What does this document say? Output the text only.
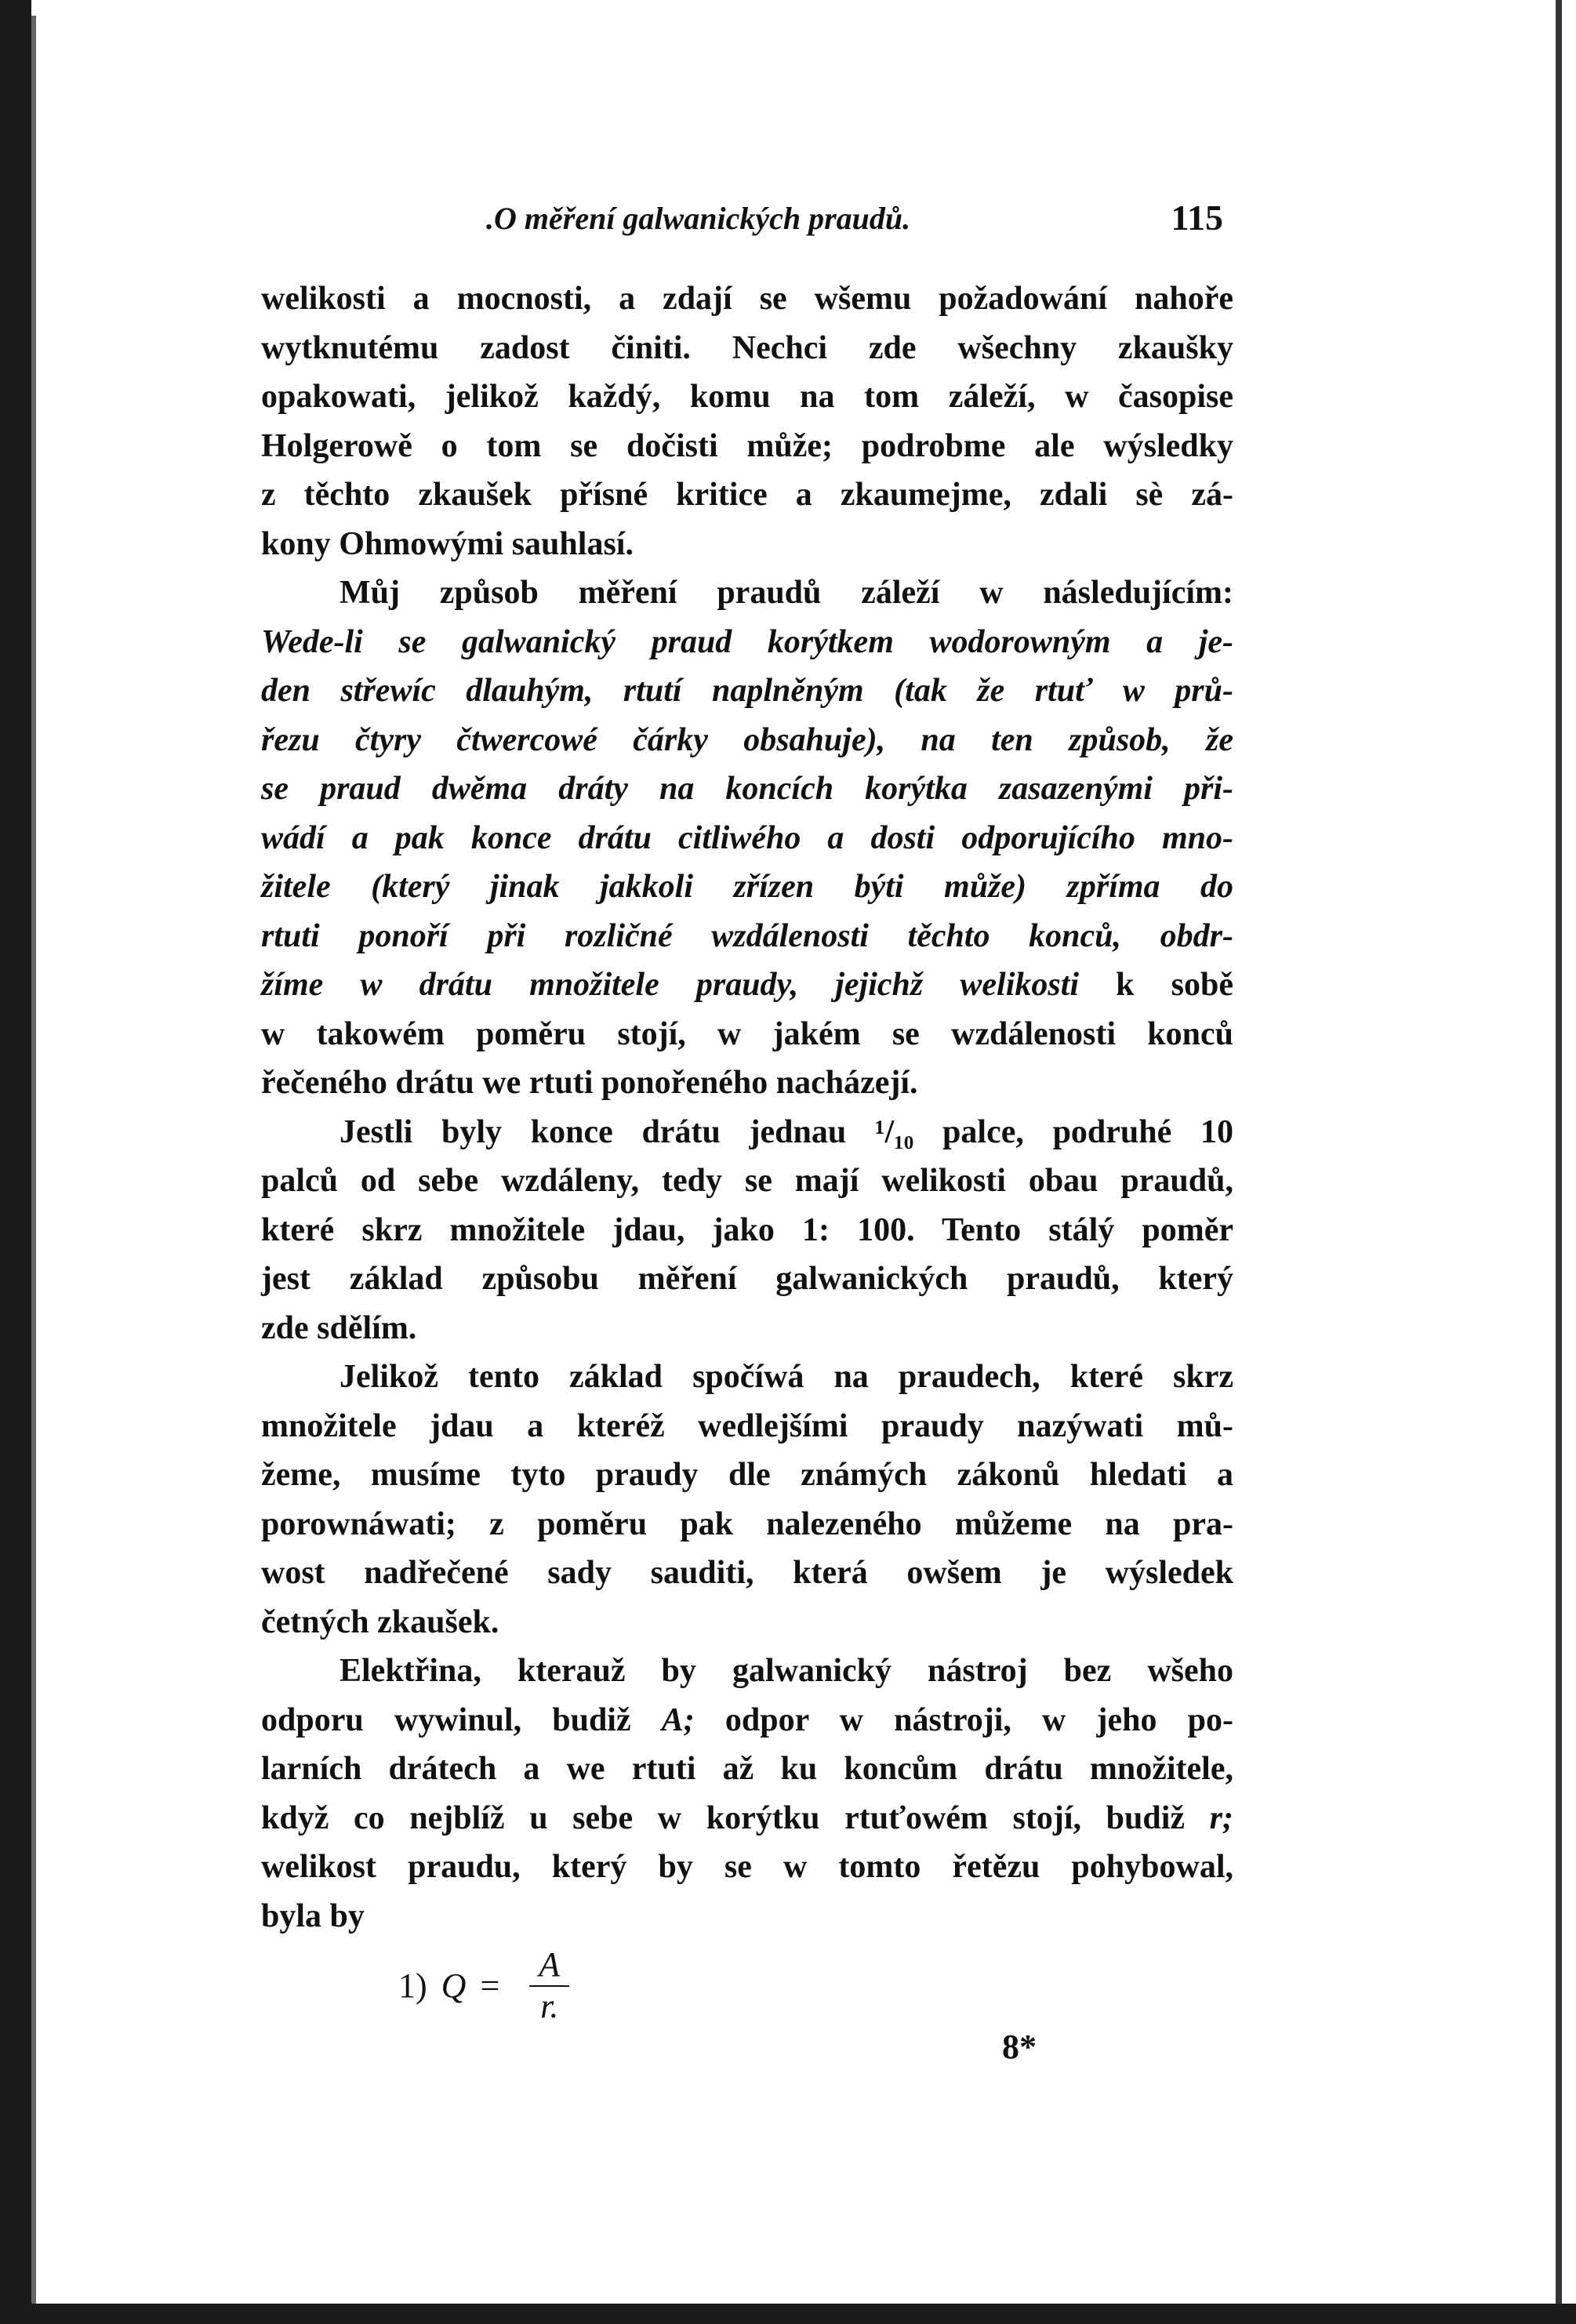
.O měření galwanických praudů.	115
welikosti a mocnosti, a zdají se wšemu požadowání nahoře
wytknutému zadost činiti. Nechci zde wšechny zkaušky
opakowati, jelikož každý, komu na tom záleží, w časopise
Holgerowě o tom se dočisti může; podrobme ale wýsledky
z těchto zkaušek přísné kritice a zkaumejme, zdali sè zá-
kony Ohmowými sauhlasí.
Můj způsob měření praudů záleží w následujícím:
Wede-li se galwanický praud korýtkem wodorowným a je-
den střewíc dlauhým, rtutí naplněným (tak že rtuť w prů-
řezu čtyry čtwercowé čárky obsahuje), na ten způsob, že
se praud dwěma dráty na koncích korýtka zasazenými při-
wádí a pak konce drátu citliwého a dosti odporujícího mno-
žitele (který jinak jakkoli zřízen býti může) zpříma do
rtuti ponoří při rozličné wzdálenosti těchto konců, obdr-
žíme w drátu množitele praudy, jejichž welikosti k sobě
w takowém poměru stojí, w jakém se wzdálenosti konců
řečeného drátu we rtuti ponořeného nacházejí.
Jestli byly konce drátu jednau ¹/₁₀ palce, podruhé 10
palců od sebe wzdáleny, tedy se mají welikosti obau praudů,
které skrz množitele jdau, jako 1: 100. Tento stálý poměr
jest základ způsobu měření galwanických praudů, který
zde sdělím.
Jelikož tento základ spočíwá na praudech, které skrz
množitele jdau a kteréž wedlejšími praudy nazýwati mů-
žeme, musíme tyto praudy dle známých zákonů hledati a
porownáwati; z poměru pak nalezeného můžeme na pra-
wost nadřečené sady sauditi, která owšem je wýsledek
četných zkaušek.
Elektřina, kterauž by galwanický nástroj bez wšeho
odporu wywinul, budiž A; odpor w nástroji, w jeho po-
larních drátech a we rtuti až ku koncům drátu množitele,
když co nejblíž u sebe w korýtku rtuťowém stojí, budiž r;
welikost praudu, který by se w tomto řetězu pohybowal,
byla by
1) $Q = \frac{A}{r.}$
8*
